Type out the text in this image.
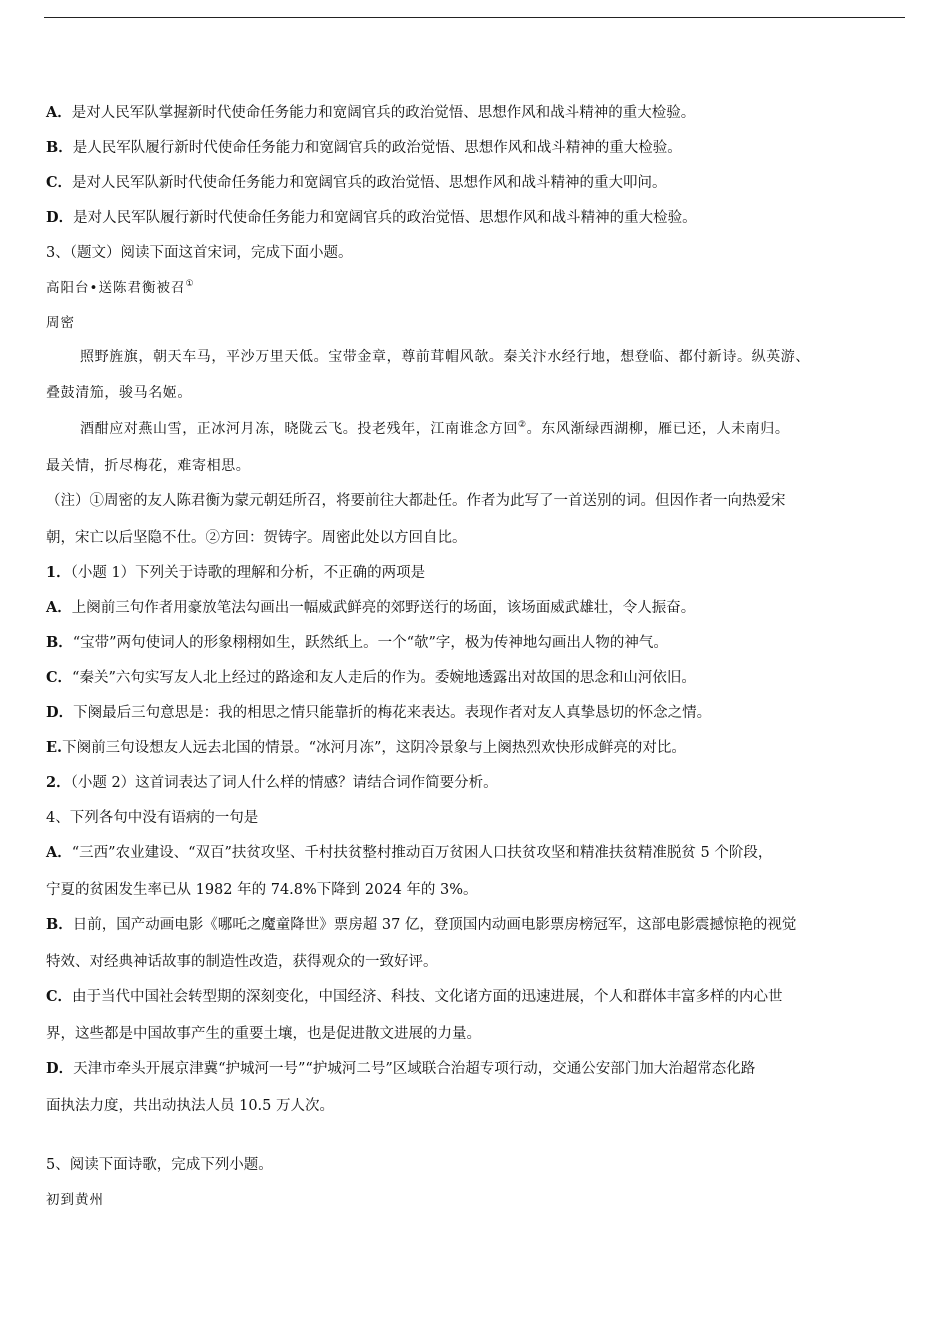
A．是对人民军队掌握新时代使命任务能力和宽阔官兵的政治觉悟、思想作风和战斗精神的重大检验。
B．是人民军队履行新时代使命任务能力和宽阔官兵的政治觉悟、思想作风和战斗精神的重大检验。
C．是对人民军队新时代使命任务能力和宽阔官兵的政治觉悟、思想作风和战斗精神的重大叩问。
D．是对人民军队履行新时代使命任务能力和宽阔官兵的政治觉悟、思想作风和战斗精神的重大检验。
3、（题文）阅读下面这首宋词，完成下面小题。
高阳台•送陈君衡被召①
周密
照野旌旗，朝天车马，平沙万里天低。宝带金章，尊前茸帽风欹。秦关汴水经行地，想登临、都付新诗。纵英游、
叠鼓清笳，骏马名姬。
酒酣应对燕山雪，正冰河月冻，晓陇云飞。投老残年，江南谁念方回②。东风渐绿西湖柳，雁已还，人未南归。
最关情，折尽梅花，难寄相思。
（注）①周密的友人陈君衡为蒙元朝廷所召，将要前往大都赴任。作者为此写了一首送别的词。但因作者一向热爱宋
朝，宋亡以后坚隐不仕。②方回：贺铸字。周密此处以方回自比。
1．（小题 1）下列关于诗歌的理解和分析，不正确的两项是
A．上阕前三句作者用豪放笔法勾画出一幅威武鲜亮的郊野送行的场面，该场面威武雄壮，令人振奋。
B．“宝带”两句使词人的形象栩栩如生，跃然纸上。一个“欹”字，极为传神地勾画出人物的神气。
C．“秦关”六句实写友人北上经过的路途和友人走后的作为。委婉地透露出对故国的思念和山河依旧。
D．下阕最后三句意思是：我的相思之情只能靠折的梅花来表达。表现作者对友人真挚恳切的怀念之情。
E.下阕前三句设想友人远去北国的情景。“冰河月冻”，这阴冷景象与上阕热烈欢快形成鲜亮的对比。
2．（小题 2）这首词表达了词人什么样的情感？请结合词作简要分析。
4、下列各句中没有语病的一句是
A．“三西”农业建设、“双百”扶贫攻坚、千村扶贫整村推动百万贫困人口扶贫攻坚和精准扶贫精准脱贫 5 个阶段，
宁夏的贫困发生率已从 1982 年的 74.8%下降到 2024 年的 3%。
B．日前，国产动画电影《哪吒之魔童降世》票房超 37 亿，登顶国内动画电影票房榜冠军，这部电影震撼惊艳的视觉
特效、对经典神话故事的制造性改造，获得观众的一致好评。
C．由于当代中国社会转型期的深刻变化，中国经济、科技、文化诸方面的迅速进展，个人和群体丰富多样的内心世
界，这些都是中国故事产生的重要土壤，也是促进散文进展的力量。
D．天津市牵头开展京津冀“护城河一号”“护城河二号”区域联合治超专项行动，交通公安部门加大治超常态化路
面执法力度，共出动执法人员 10.5 万人次。
5、阅读下面诗歌，完成下列小题。
初到黄州
